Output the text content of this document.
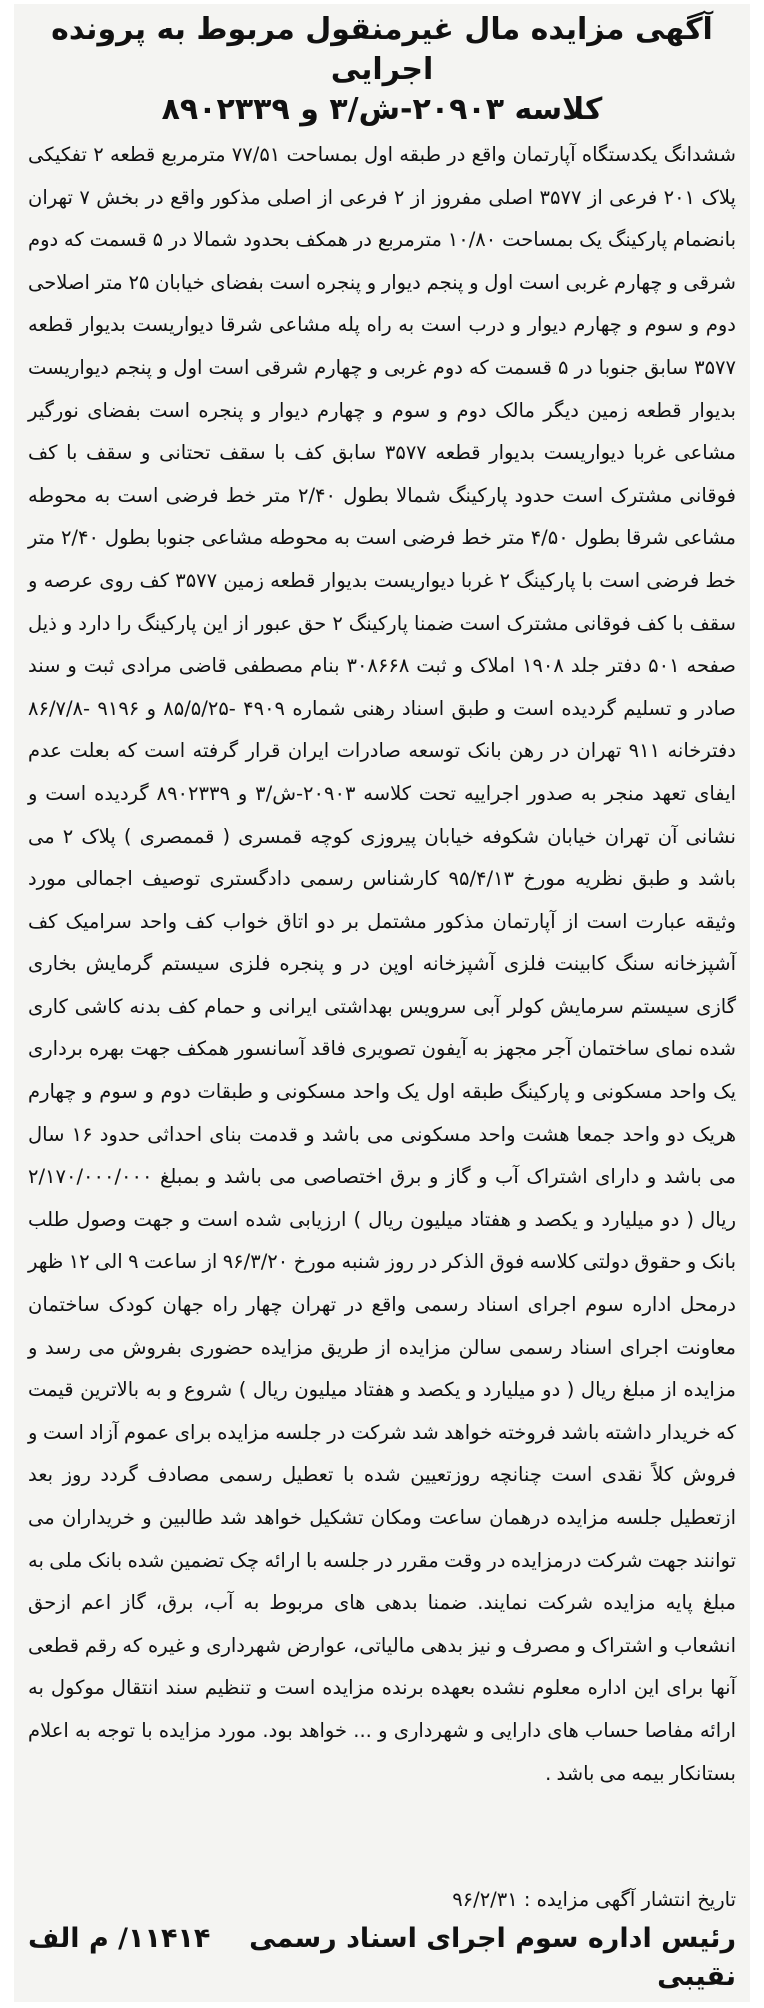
آگهی مزایده مال غیرمنقول مربوط به پرونده اجرایی
کلاسه ۲۰۹۰۳-ش/۳ و ۸۹۰۲۳۳۹

ششدانگ یکدستگاه آپارتمان واقع در طبقه اول بمساحت ۷۷/۵۱ مترمربع قطعه ۲ تفکیکی پلاک ۲۰۱ فرعی از ۳۵۷۷ اصلی مفروز از ۲ فرعی از اصلی مذکور واقع در بخش ۷ تهران بانضمام پارکینگ یک بمساحت ۱۰/۸۰ مترمربع در همکف بحدود شمالا در ۵ قسمت که دوم شرقی و چهارم غربی است اول و پنجم دیوار و پنجره است بفضای خیابان ۲۵ متر اصلاحی دوم و سوم و چهارم دیوار و درب است به راه پله مشاعی شرقا دیواریست بدیوار قطعه ۳۵۷۷ سابق جنوبا در ۵ قسمت که دوم غربی و چهارم شرقی است اول و پنجم دیواریست بدیوار قطعه زمین دیگر مالک دوم و سوم و چهارم دیوار و پنجره است بفضای نورگیر مشاعی غربا دیواریست بدیوار قطعه ۳۵۷۷ سابق کف با سقف تحتانی و سقف با کف فوقانی مشترک است حدود پارکینگ شمالا بطول ۲/۴۰ متر خط فرضی است به محوطه مشاعی شرقا بطول ۴/۵۰ متر خط فرضی است به محوطه مشاعی جنوبا بطول ۲/۴۰ متر خط فرضی است با پارکینگ ۲ غربا دیواریست بدیوار قطعه زمین ۳۵۷۷ کف روی عرصه و سقف با کف فوقانی مشترک است ضمنا پارکینگ ۲ حق عبور از این پارکینگ را دارد و ذیل صفحه ۵۰۱ دفتر جلد ۱۹۰۸ املاک و ثبت ۳۰۸۶۶۸ بنام مصطفی قاضی مرادی ثبت و سند صادر و تسلیم گردیده است و طبق اسناد رهنی شماره ۴۹۰۹ -۸۵/۵/۲۵ و ۹۱۹۶ -۸۶/۷/۸ دفترخانه ۹۱۱ تهران در رهن بانک توسعه صادرات ایران قرار گرفته است که بعلت عدم ایفای تعهد منجر به صدور اجراییه تحت کلاسه ۲۰۹۰۳-ش/۳ و ۸۹۰۲۳۳۹ گردیده است و نشانی آن تهران خیابان شکوفه خیابان پیروزی کوچه قمسری ( قممصری ) پلاک ۲ می باشد و طبق نظریه مورخ ۹۵/۴/۱۳ کارشناس رسمی دادگستری توصیف اجمالی مورد وثیقه عبارت است از آپارتمان مذکور مشتمل بر دو اتاق خواب کف واحد سرامیک کف آشپزخانه سنگ کابینت فلزی آشپزخانه اوپن در و پنجره فلزی سیستم گرمایش بخاری گازی سیستم سرمایش کولر آبی سرویس بهداشتی ایرانی و حمام کف بدنه کاشی کاری شده نمای ساختمان آجر مجهز به آیفون تصویری فاقد آسانسور همکف جهت بهره برداری یک واحد مسکونی و پارکینگ طبقه اول یک واحد مسکونی و طبقات دوم و سوم و چهارم هریک دو واحد جمعا هشت واحد مسکونی می باشد و قدمت بنای احداثی حدود ۱۶ سال می باشد و دارای اشتراک آب و گاز و برق اختصاصی می باشد و بمبلغ ۲/۱۷۰/۰۰۰/۰۰۰ ریال ( دو میلیارد و یکصد و هفتاد میلیون ریال ) ارزیابی شده است و جهت وصول طلب بانک و حقوق دولتی کلاسه فوق الذکر در روز شنبه مورخ ۹۶/۳/۲۰ از ساعت ۹ الی ۱۲ ظهر درمحل اداره سوم اجرای اسناد رسمی واقع در تهران چهار راه جهان کودک ساختمان معاونت اجرای اسناد رسمی سالن مزایده از طریق مزایده حضوری بفروش می رسد و مزایده از مبلغ ریال ( دو میلیارد و یکصد و هفتاد میلیون ریال ) شروع و به بالاترین قیمت که خریدار داشته باشد فروخته خواهد شد شرکت در جلسه مزایده برای عموم آزاد است و فروش کلاً نقدی است چنانچه روزتعیین شده با تعطیل رسمی مصادف گردد روز بعد ازتعطیل جلسه مزایده درهمان ساعت ومکان تشکیل خواهد شد طالبین و خریداران می توانند جهت شرکت درمزایده در وقت مقرر در جلسه با ارائه چک تضمین شده بانک ملی به مبلغ پایه مزایده شرکت نمایند. ضمنا بدهی های مربوط به آب، برق، گاز اعم ازحق انشعاب و اشتراک و مصرف و نیز بدهی مالیاتی، عوارض شهرداری و غیره که رقم قطعی آنها برای این اداره معلوم نشده بعهده برنده مزایده است و تنظیم سند انتقال موکول به ارائه مفاصا حساب های دارایی و شهرداری و ... خواهد بود. مورد مزایده با توجه به اعلام بستانکار بیمه می باشد .

تاریخ انتشار آگهی مزایده : ۹۶/۲/۳۱
رئیس اداره سوم اجرای اسناد رسمی
۱۱۴۱۴/ م الف
نقیبی
